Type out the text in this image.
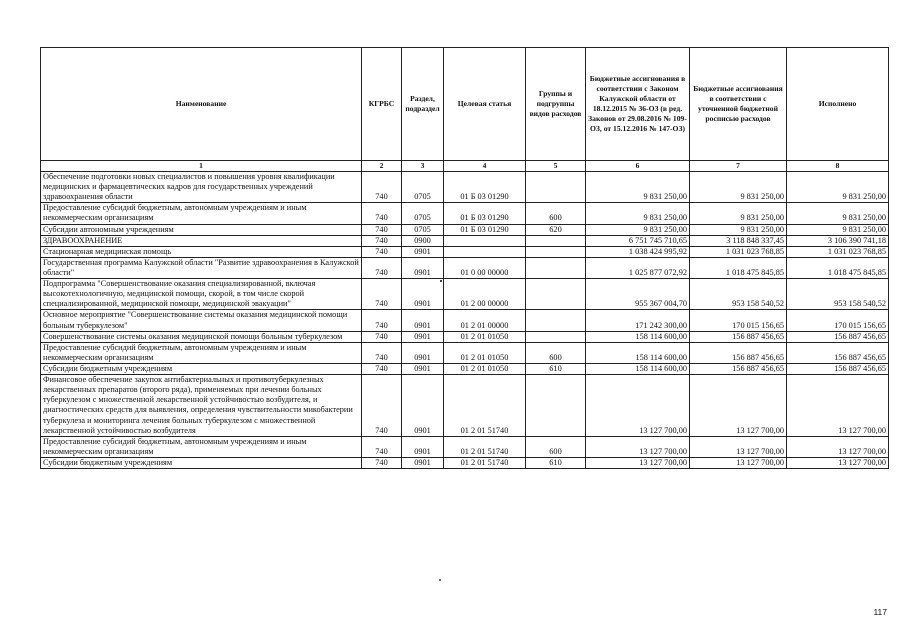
Наименование	КГРБС	Раздел, подраздел	Целевая статья	Группы и подгруппы видов расходов	Бюджетные ассигнования в соответствии с Законом Калужской области от 18.12.2015 № 36-ОЗ (в ред. Законов от 29.08.2016 № 109-ОЗ, от 15.12.2016 № 147-ОЗ)	Бюджетные ассигнования в соответствии с уточненной бюджетной росписью расходов	Исполнено
1	2	3	4	5	6	7	8
Обеспечение подготовки новых специалистов и повышения уровня квалификации медицинских и фармацевтических кадров для государственных учреждений здравоохранения области	740	0705	01 Б 03 01290		9 831 250,00	9 831 250,00	9 831 250,00
Предоставление субсидий бюджетным, автономным учреждениям и иным некоммерческим организациям	740	0705	01 Б 03 01290	600	9 831 250,00	9 831 250,00	9 831 250,00
Субсидии автономным учреждениям	740	0705	01 Б 03 01290	620	9 831 250,00	9 831 250,00	9 831 250,00
ЗДРАВООХРАНЕНИЕ	740	0900			6 751 745 710,65	3 118 848 337,45	3 106 390 741,18
Стационарная медицинская помощь	740	0901			1 038 424 995,92	1 031 023 768,85	1 031 023 768,85
Государственная программа Калужской области "Развитие здравоохранения в Калужской области"	740	0901	01 0 00 00000		1 025 877 072,92	1 018 475 845,85	1 018 475 845,85
Подпрограмма "Совершенствование оказания специализированной, включая высокотехнологичную, медицинской помощи, скорой, в том числе скорой специализированной, медицинской помощи, медицинской эвакуации"	740	0901	01 2 00 00000		955 367 004,70	953 158 540,52	953 158 540,52
Основное мероприятие "Совершенствование системы оказания медицинской помощи больным туберкулезом"	740	0901	01 2 01 00000		171 242 300,00	170 015 156,65	170 015 156,65
Совершенствование системы оказания медицинской помощи больным туберкулезом	740	0901	01 2 01 01050		158 114 600,00	156 887 456,65	156 887 456,65
Предоставление субсидий бюджетным, автономным учреждениям и иным некоммерческим организациям	740	0901	01 2 01 01050	600	158 114 600,00	156 887 456,65	156 887 456,65
Субсидии бюджетным учреждениям	740	0901	01 2 01 01050	610	158 114 600,00	156 887 456,65	156 887 456,65
Финансовое обеспечение закупок антибактериальных и противотуберкулезных лекарственных препаратов (второго ряда), применяемых при лечении больных туберкулезом с множественной лекарственной устойчивостью возбудителя, и диагностических средств для выявления, определения чувствительности микобактерии туберкулеза и мониторинга лечения больных туберкулезом с множественной лекарственной устойчивостью возбудителя	740	0901	01 2 01 51740		13 127 700,00	13 127 700,00	13 127 700,00
Предоставление субсидий бюджетным, автономным учреждениям и иным некоммерческим организациям	740	0901	01 2 01 51740	600	13 127 700,00	13 127 700,00	13 127 700,00
Субсидии бюджетным учреждениям	740	0901	01 2 01 51740	610	13 127 700,00	13 127 700,00	13 127 700,00
117
